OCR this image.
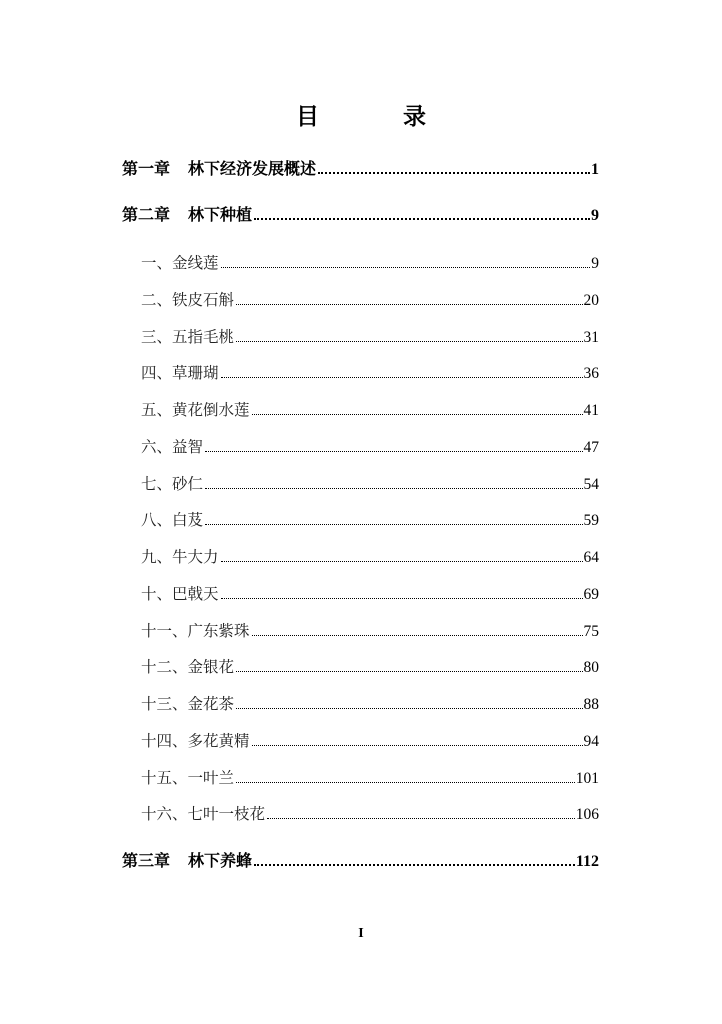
目 录
第一章 林下经济发展概述	1
第二章 林下种植	9
一、金线莲	9
二、铁皮石斛	20
三、五指毛桃	31
四、草珊瑚	36
五、黄花倒水莲	41
六、益智	47
七、砂仁	54
八、白芨	59
九、牛大力	64
十、巴戟天	69
十一、广东紫珠	75
十二、金银花	80
十三、金花茶	88
十四、多花黄精	94
十五、一叶兰	101
十六、七叶一枝花	106
第三章 林下养蜂	112
I
